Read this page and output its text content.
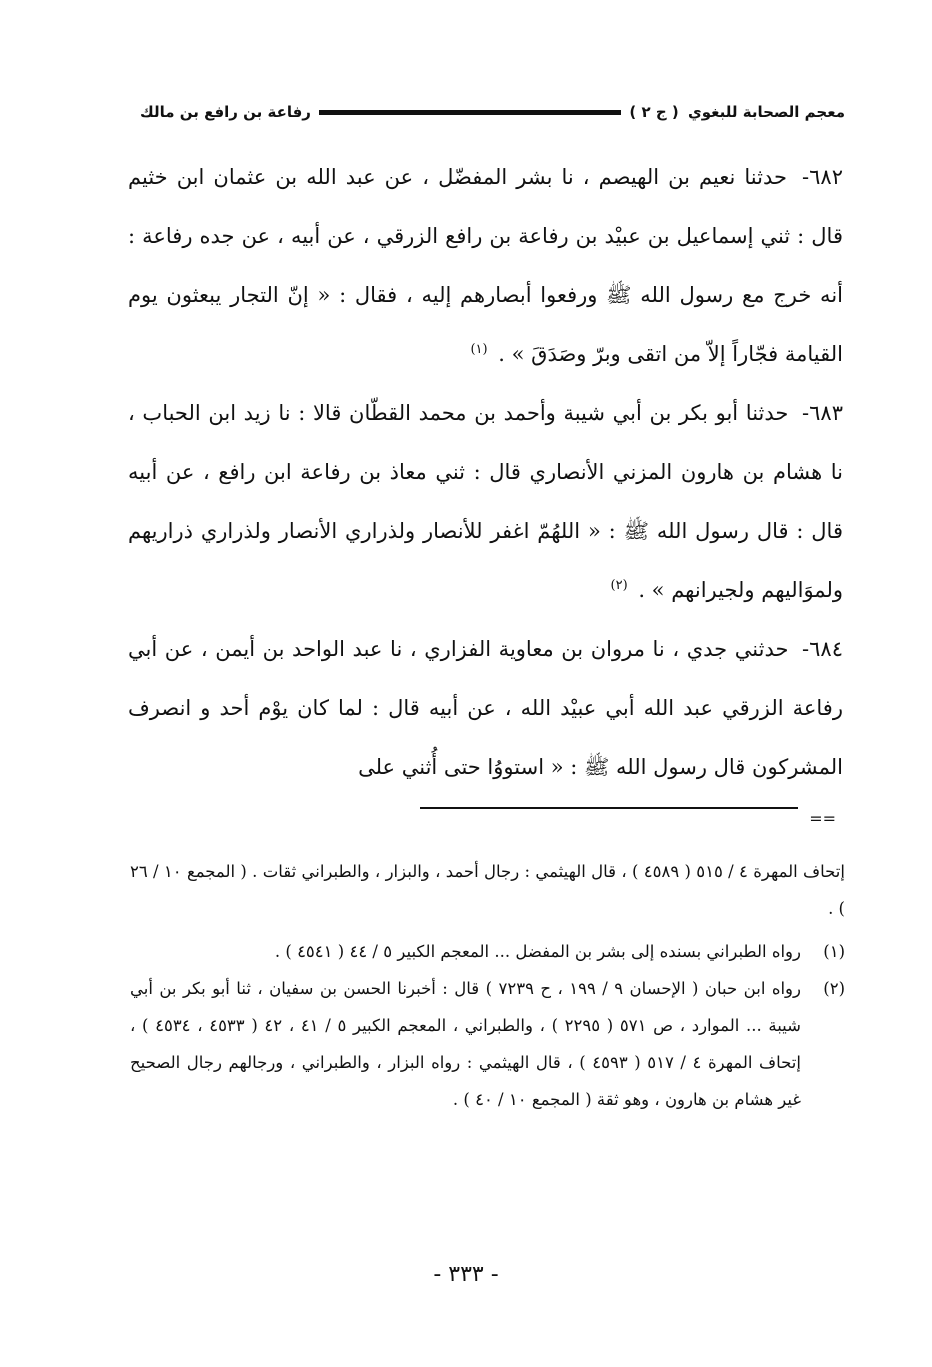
معجم الصحابة للبغوي ( ج ٢ )
رفاعة بن رافع بن مالك

٦٨٢- حدثنا نعيم بن الهيصم ، نا بشر المفضّل ، عن عبد الله بن عثمان ابن خثيم قال : ثني إسماعيل بن عبيْد بن رفاعة بن رافع الزرقي ، عن أبيه ، عن جده رفاعة : أنه خرج مع رسول الله ﷺ ورفعوا أبصارهم إليه ، فقال : « إنّ التجار يبعثون يوم القيامة فجّاراً إلاّ من اتقى وبرّ وصَدَقَ » . $^{(١)}$

٦٨٣- حدثنا أبو بكر بن أبي شيبة وأحمد بن محمد القطّان قالا : نا زيد ابن الحباب ، نا هشام بن هارون المزني الأنصاري قال : ثني معاذ بن رفاعة ابن رافع ، عن أبيه قال : قال رسول الله ﷺ : « اللهُمّ اغفر للأنصار ولذراري الأنصار ولذراري ذراريهم ولموَاليهم ولجيرانهم » . $^{(٢)}$

٦٨٤- حدثني جدي ، نا مروان بن معاوية الفزاري ، نا عبد الواحد بن أيمن ، عن أبي رفاعة الزرقي عبد الله أبي عبيْد الله ، عن أبيه قال : لما كان يوْم أحد و انصرف المشركون قال رسول الله ﷺ : « استووُا حتى أُثني على

==

إتحاف المهرة ٤ / ٥١٥ ( ٤٥٨٩ ) ، قال الهيثمي : رجال أحمد ، والبزار ، والطبراني ثقات . ( المجمع ١٠ / ٢٦ ) .

(١)
رواه الطبراني بسنده إلى بشر بن المفضل ... المعجم الكبير ٥ / ٤٤ ( ٤٥٤١ ) .
(٢)
رواه ابن حبان ( الإحسان ٩ / ١٩٩ ، ح ٧٢٣٩ ) قال : أخبرنا الحسن بن سفيان ، ثنا أبو بكر بن أبي شيبة ... الموارد ، ص ٥٧١ ( ٢٢٩٥ ) ، والطبراني ، المعجم الكبير ٥ / ٤١ ، ٤٢ ( ٤٥٣٣ ، ٤٥٣٤ ) ، إتحاف المهرة ٤ / ٥١٧ ( ٤٥٩٣ ) ، قال الهيثمي : رواه البزار ، والطبراني ، ورجالهم رجال الصحيح غير هشام بن هارون ، وهو ثقة ( المجمع ١٠ / ٤٠ ) .
- ٣٣٣ -
